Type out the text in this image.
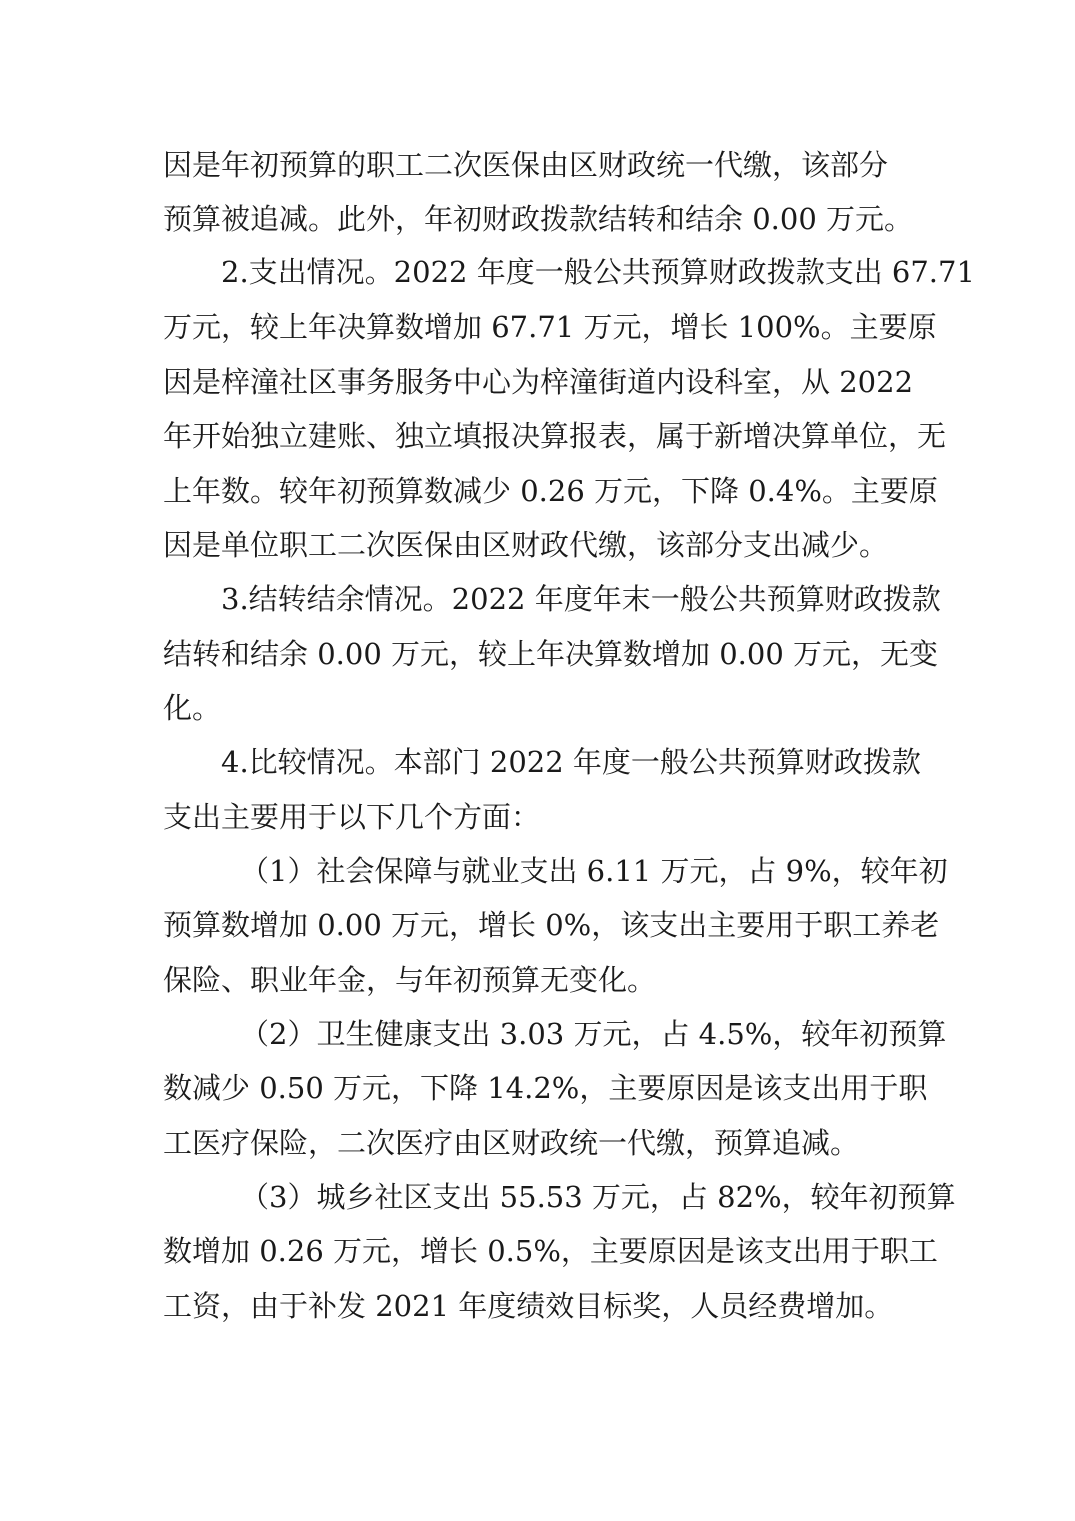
因是年初预算的职工二次医保由区财政统一代缴，该部分
预算被追减。此外，年初财政拨款结转和结余 0.00 万元。
2.支出情况。2022 年度一般公共预算财政拨款支出 67.71
万元，较上年决算数增加 67.71 万元，增长 100%。主要原
因是梓潼社区事务服务中心为梓潼街道内设科室，从 2022
年开始独立建账、独立填报决算报表，属于新增决算单位，无
上年数。较年初预算数减少 0.26 万元，下降 0.4%。主要原
因是单位职工二次医保由区财政代缴，该部分支出减少。
3.结转结余情况。2022 年度年末一般公共预算财政拨款
结转和结余 0.00 万元，较上年决算数增加 0.00 万元，无变
化。
4.比较情况。本部门 2022 年度一般公共预算财政拨款
支出主要用于以下几个方面：
（1）社会保障与就业支出 6.11 万元，占 9%，较年初
预算数增加 0.00 万元，增长 0%，该支出主要用于职工养老
保险、职业年金，与年初预算无变化。
（2）卫生健康支出 3.03 万元，占 4.5%，较年初预算
数减少 0.50 万元，下降 14.2%，主要原因是该支出用于职
工医疗保险，二次医疗由区财政统一代缴，预算追减。
（3）城乡社区支出 55.53 万元，占 82%，较年初预算
数增加 0.26 万元，增长 0.5%，主要原因是该支出用于职工
工资，由于补发 2021 年度绩效目标奖，人员经费增加。
